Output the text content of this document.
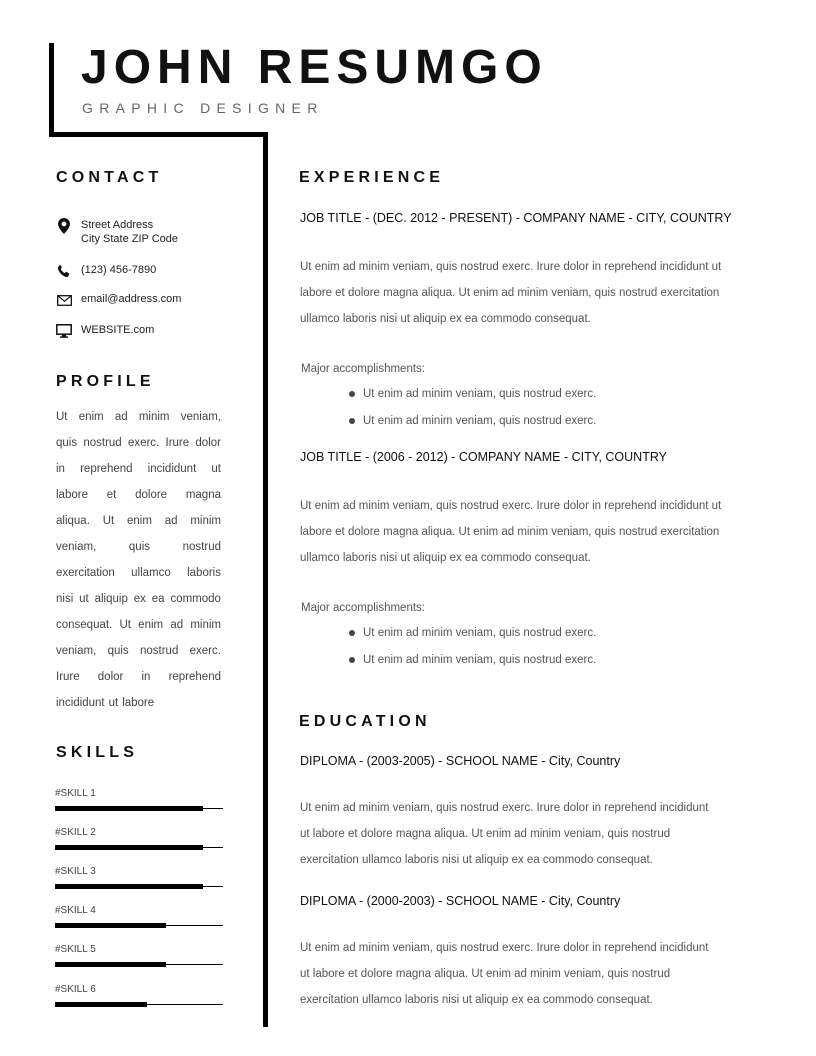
JOHN RESUMGO
GRAPHIC DESIGNER
CONTACT
Street Address
City State ZIP Code
(123) 456-7890
email@address.com
WEBSITE.com
PROFILE
Ut enim ad minim veniam,
quis nostrud exerc. Irure dolor
in reprehend incididunt ut
labore et dolore magna
aliqua. Ut enim ad minim
veniam,	quis	nostrud
exercitation ullamco laboris
nisi ut aliquip ex ea commodo
consequat. Ut enim ad minim
veniam, quis nostrud exerc.
Irure dolor in reprehend
incididunt ut labore
SKILLS
#SKILL 1
#SKILL 2
#SKILL 3
#SKILL 4
#SKILL 5
#SKILL 6
EXPERIENCE
JOB TITLE - (DEC. 2012 - PRESENT) - COMPANY NAME - CITY, COUNTRY
Ut enim ad minim veniam, quis nostrud exerc. Irure dolor in reprehend incididunt ut
labore et dolore magna aliqua. Ut enim ad minim veniam, quis nostrud exercitation
ullamco laboris nisi ut aliquip ex ea commodo consequat.
Major accomplishments:
Ut enim ad minim veniam, quis nostrud exerc.
Ut enim ad minim veniam, quis nostrud exerc.
JOB TITLE - (2006 - 2012) - COMPANY NAME - CITY, COUNTRY
Ut enim ad minim veniam, quis nostrud exerc. Irure dolor in reprehend incididunt ut
labore et dolore magna aliqua. Ut enim ad minim veniam, quis nostrud exercitation
ullamco laboris nisi ut aliquip ex ea commodo consequat.
Major accomplishments:
Ut enim ad minim veniam, quis nostrud exerc.
Ut enim ad minim veniam, quis nostrud exerc.
EDUCATION
DIPLOMA - (2003-2005) - SCHOOL NAME - City, Country
Ut enim ad minim veniam, quis nostrud exerc. Irure dolor in reprehend incididunt
ut labore et dolore magna aliqua. Ut enim ad minim veniam, quis nostrud
exercitation ullamco laboris nisi ut aliquip ex ea commodo consequat.
DIPLOMA - (2000-2003) - SCHOOL NAME - City, Country
Ut enim ad minim veniam, quis nostrud exerc. Irure dolor in reprehend incididunt
ut labore et dolore magna aliqua. Ut enim ad minim veniam, quis nostrud
exercitation ullamco laboris nisi ut aliquip ex ea commodo consequat.
